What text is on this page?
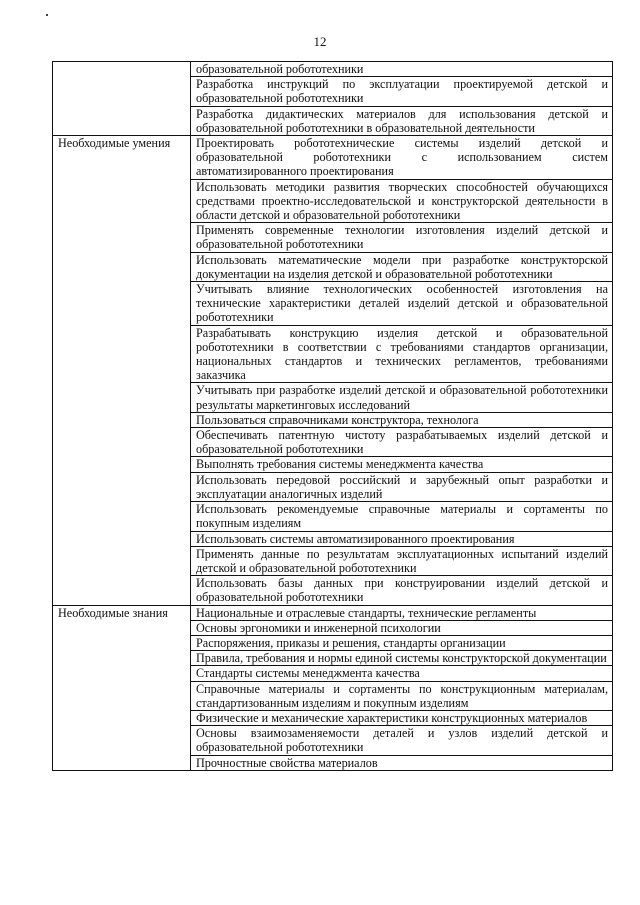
12
	образовательной робототехники
	Разработка инструкций по эксплуатации проектируемой детской и образовательной робототехники
	Разработка дидактических материалов для использования детской и образовательной робототехники в образовательной деятельности
Необходимые умения	Проектировать робототехнические системы изделий детской и образовательной робототехники с использованием систем автоматизированного проектирования
	Использовать методики развития творческих способностей обучающихся средствами проектно-исследовательской и конструкторской деятельности в области детской и образовательной робототехники
	Применять современные технологии изготовления изделий детской и образовательной робототехники
	Использовать математические модели при разработке конструкторской документации на изделия детской и образовательной робототехники
	Учитывать влияние технологических особенностей изготовления на технические характеристики деталей изделий детской и образовательной робототехники
	Разрабатывать конструкцию изделия детской и образовательной робототехники в соответствии с требованиями стандартов организации, национальных стандартов и технических регламентов, требованиями заказчика
	Учитывать при разработке изделий детской и образовательной робототехники результаты маркетинговых исследований
	Пользоваться справочниками конструктора, технолога
	Обеспечивать патентную чистоту разрабатываемых изделий детской и образовательной робототехники
	Выполнять требования системы менеджмента качества
	Использовать передовой российский и зарубежный опыт разработки и эксплуатации аналогичных изделий
	Использовать рекомендуемые справочные материалы и сортаменты по покупным изделиям
	Использовать системы автоматизированного проектирования
	Применять данные по результатам эксплуатационных испытаний изделий детской и образовательной робототехники
	Использовать базы данных при конструировании изделий детской и образовательной робототехники
Необходимые знания	Национальные и отраслевые стандарты, технические регламенты
	Основы эргономики и инженерной психологии
	Распоряжения, приказы и решения, стандарты организации
	Правила, требования и нормы единой системы конструкторской документации
	Стандарты системы менеджмента качества
	Справочные материалы и сортаменты по конструкционным материалам, стандартизованным изделиям и покупным изделиям
	Физические и механические характеристики конструкционных материалов
	Основы взаимозаменяемости деталей и узлов изделий детской и образовательной робототехники
	Прочностные свойства материалов
